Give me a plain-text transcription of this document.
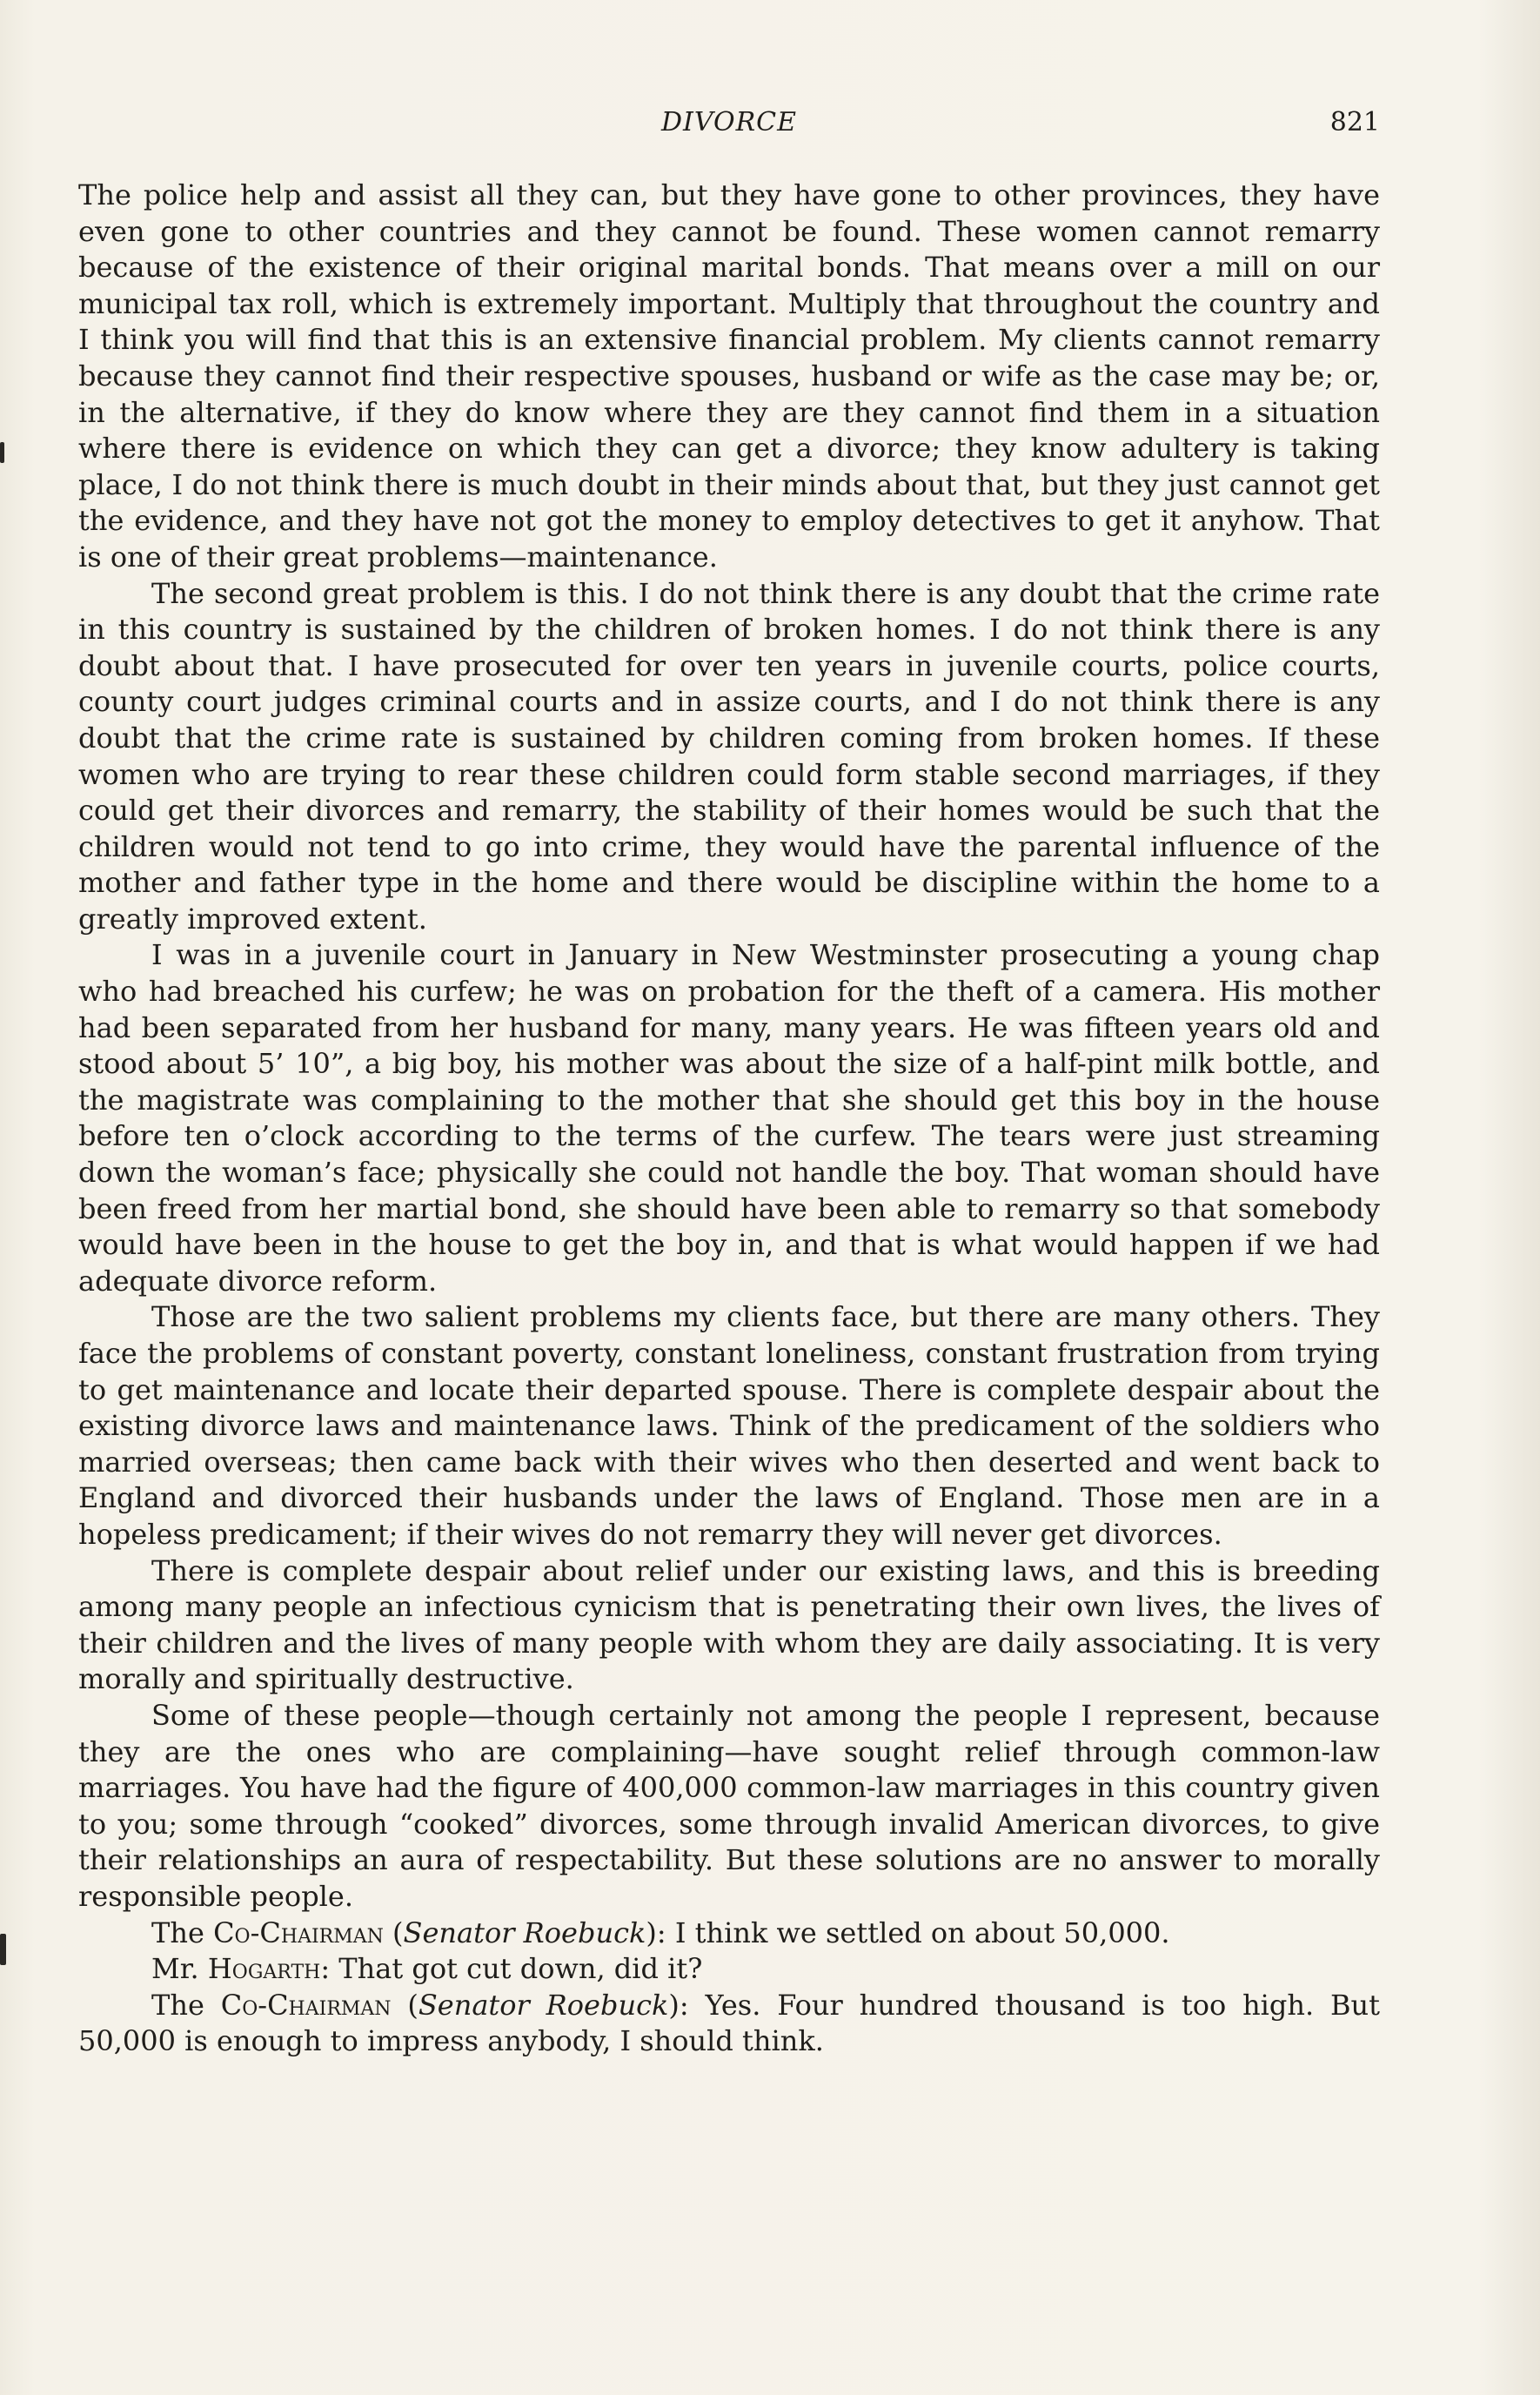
DIVORCE	821

The police help and assist all they can, but they have gone to other provinces, they have even gone to other countries and they cannot be found. These women cannot remarry because of the existence of their original marital bonds. That means over a mill on our municipal tax roll, which is extremely important. Multiply that throughout the country and I think you will find that this is an extensive financial problem. My clients cannot remarry because they cannot find their respective spouses, husband or wife as the case may be; or, in the alternative, if they do know where they are they cannot find them in a situation where there is evidence on which they can get a divorce; they know adultery is taking place, I do not think there is much doubt in their minds about that, but they just cannot get the evidence, and they have not got the money to employ detectives to get it anyhow. That is one of their great problems—maintenance.

The second great problem is this. I do not think there is any doubt that the crime rate in this country is sustained by the children of broken homes. I do not think there is any doubt about that. I have prosecuted for over ten years in juvenile courts, police courts, county court judges criminal courts and in assize courts, and I do not think there is any doubt that the crime rate is sustained by children coming from broken homes. If these women who are trying to rear these children could form stable second marriages, if they could get their divorces and remarry, the stability of their homes would be such that the children would not tend to go into crime, they would have the parental influence of the mother and father type in the home and there would be discipline within the home to a greatly improved extent.

I was in a juvenile court in January in New Westminster prosecuting a young chap who had breached his curfew; he was on probation for the theft of a camera. His mother had been separated from her husband for many, many years. He was fifteen years old and stood about 5’ 10”, a big boy, his mother was about the size of a half-pint milk bottle, and the magistrate was complaining to the mother that she should get this boy in the house before ten o’clock according to the terms of the curfew. The tears were just streaming down the woman’s face; physically she could not handle the boy. That woman should have been freed from her martial bond, she should have been able to remarry so that somebody would have been in the house to get the boy in, and that is what would happen if we had adequate divorce reform.

Those are the two salient problems my clients face, but there are many others. They face the problems of constant poverty, constant loneliness, constant frustration from trying to get maintenance and locate their departed spouse. There is complete despair about the existing divorce laws and maintenance laws. Think of the predicament of the soldiers who married overseas; then came back with their wives who then deserted and went back to England and divorced their husbands under the laws of England. Those men are in a hopeless predicament; if their wives do not remarry they will never get divorces.

There is complete despair about relief under our existing laws, and this is breeding among many people an infectious cynicism that is penetrating their own lives, the lives of their children and the lives of many people with whom they are daily associating. It is very morally and spiritually destructive.

Some of these people—though certainly not among the people I represent, because they are the ones who are complaining—have sought relief through common-law marriages. You have had the figure of 400,000 common-law marriages in this country given to you; some through “cooked” divorces, some through invalid American divorces, to give their relationships an aura of respectability. But these solutions are no answer to morally responsible people.

The Co-Chairman (Senator Roebuck): I think we settled on about 50,000.

Mr. Hogarth: That got cut down, did it?

The Co-Chairman (Senator Roebuck): Yes. Four hundred thousand is too high. But 50,000 is enough to impress anybody, I should think.
